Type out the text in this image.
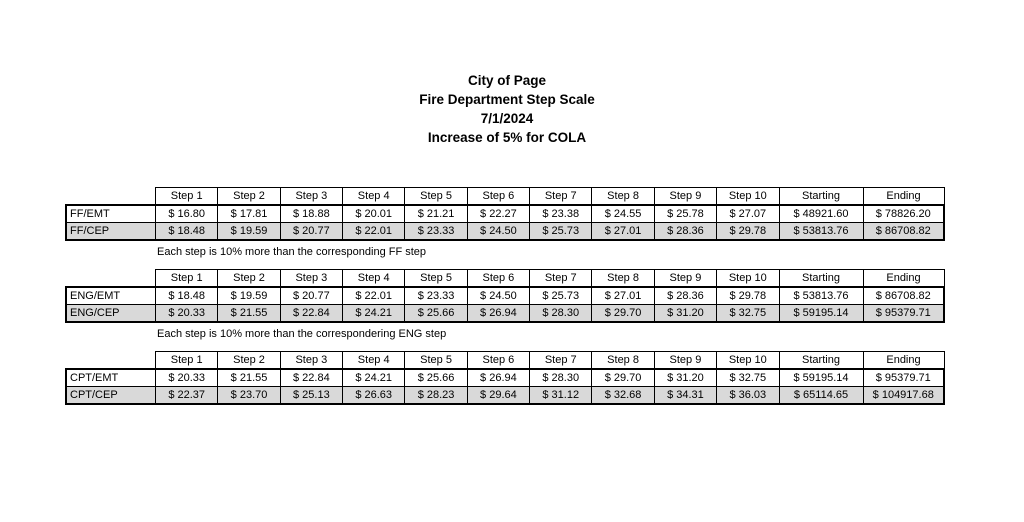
City of Page
Fire Department Step Scale
7/1/2024
Increase of 5% for COLA
	Step 1	Step 2	Step 3	Step 4	Step 5	Step 6	Step 7	Step 8	Step 9	Step 10	Starting	Ending
FF/EMT	$ 16.80	$ 17.81	$ 18.88	$ 20.01	$ 21.21	$ 22.27	$ 23.38	$ 24.55	$ 25.78	$ 27.07	$ 48921.60	$ 78826.20
FF/CEP	$ 18.48	$ 19.59	$ 20.77	$ 22.01	$ 23.33	$ 24.50	$ 25.73	$ 27.01	$ 28.36	$ 29.78	$ 53813.76	$ 86708.82
Each step is 10% more than the corresponding FF step
	Step 1	Step 2	Step 3	Step 4	Step 5	Step 6	Step 7	Step 8	Step 9	Step 10	Starting	Ending
ENG/EMT	$ 18.48	$ 19.59	$ 20.77	$ 22.01	$ 23.33	$ 24.50	$ 25.73	$ 27.01	$ 28.36	$ 29.78	$ 53813.76	$ 86708.82
ENG/CEP	$ 20.33	$ 21.55	$ 22.84	$ 24.21	$ 25.66	$ 26.94	$ 28.30	$ 29.70	$ 31.20	$ 32.75	$ 59195.14	$ 95379.71
Each step is 10% more than the correspondering ENG step
	Step 1	Step 2	Step 3	Step 4	Step 5	Step 6	Step 7	Step 8	Step 9	Step 10	Starting	Ending
CPT/EMT	$ 20.33	$ 21.55	$ 22.84	$ 24.21	$ 25.66	$ 26.94	$ 28.30	$ 29.70	$ 31.20	$ 32.75	$ 59195.14	$ 95379.71
CPT/CEP	$ 22.37	$ 23.70	$ 25.13	$ 26.63	$ 28.23	$ 29.64	$ 31.12	$ 32.68	$ 34.31	$ 36.03	$ 65114.65	$ 104917.68
